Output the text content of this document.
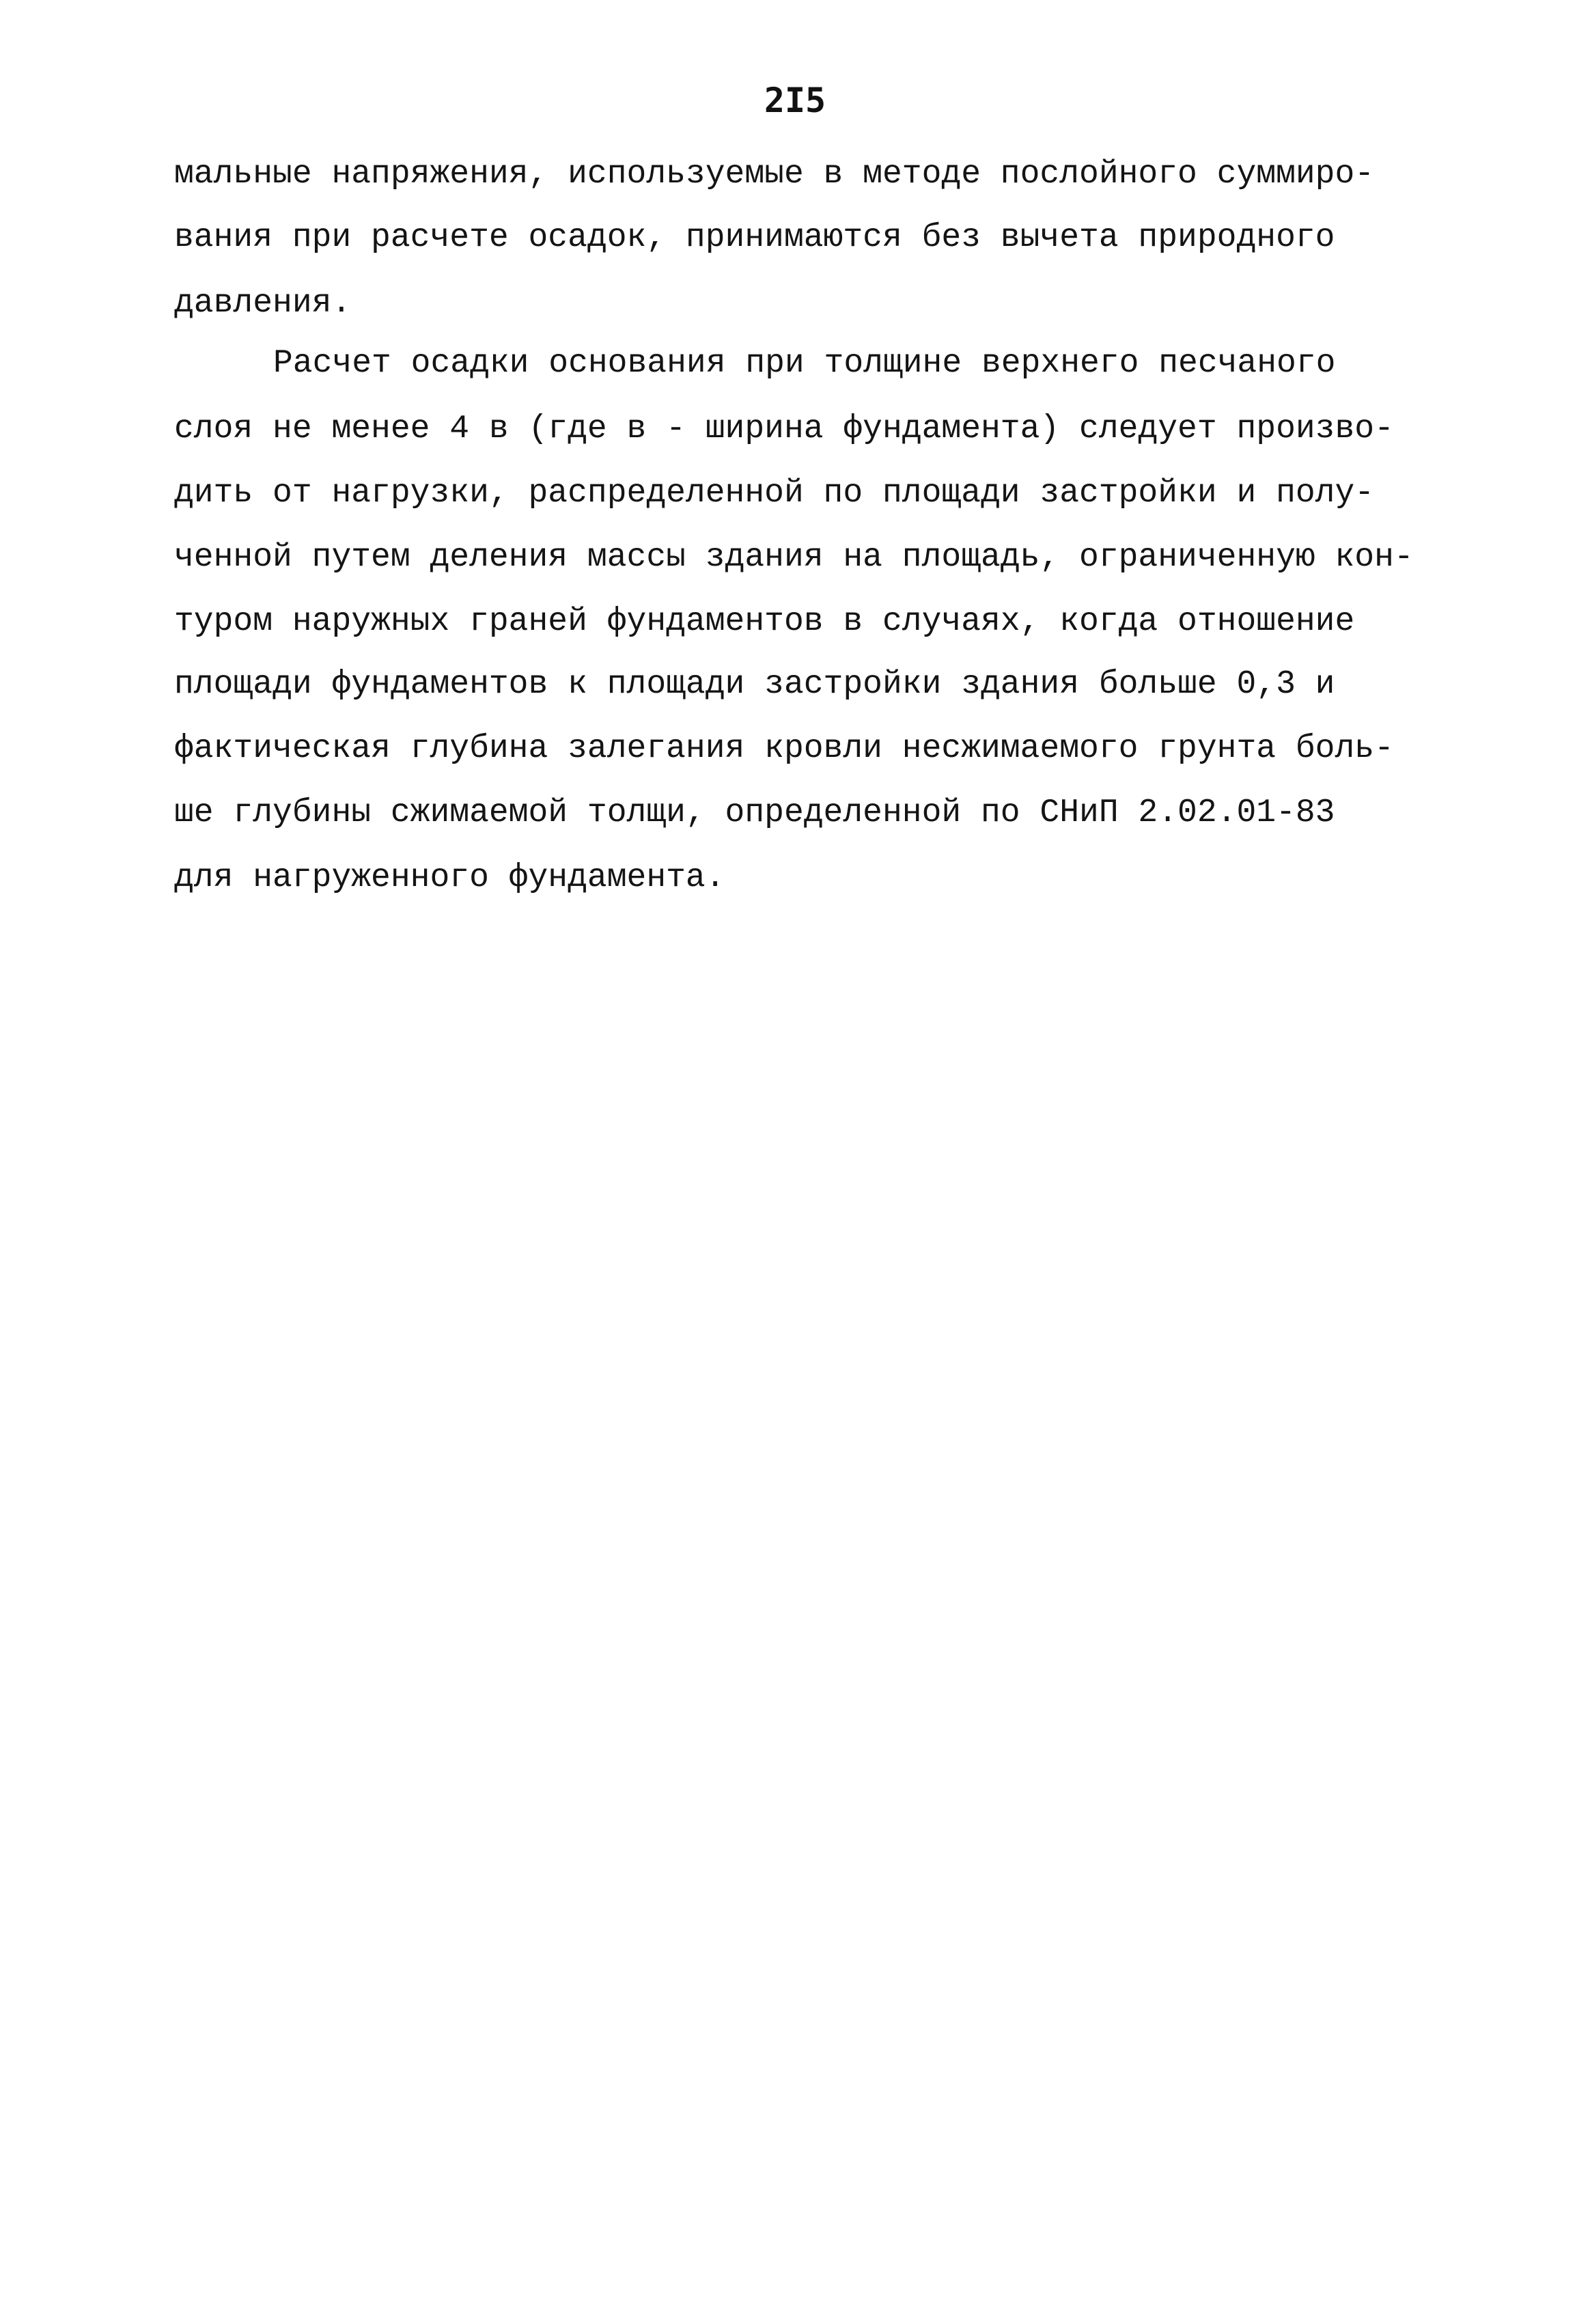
2I5
мальные напряжения, используемые в методе послойного суммиро-
вания при расчете осадок, принимаются без вычета природного
давления.
Расчет осадки основания при толщине верхнего песчаного
слоя не менее 4 в (где в - ширина фундамента) следует произво-
дить от нагрузки, распределенной по площади застройки и полу-
ченной путем деления массы здания на площадь, ограниченную кон-
туром наружных граней фундаментов в случаях, когда отношение
площади фундаментов к площади застройки здания больше 0,3 и
фактическая глубина залегания кровли несжимаемого грунта боль-
ше глубины сжимаемой толщи, определенной по СНиП 2.02.01-83
для нагруженного фундамента.
